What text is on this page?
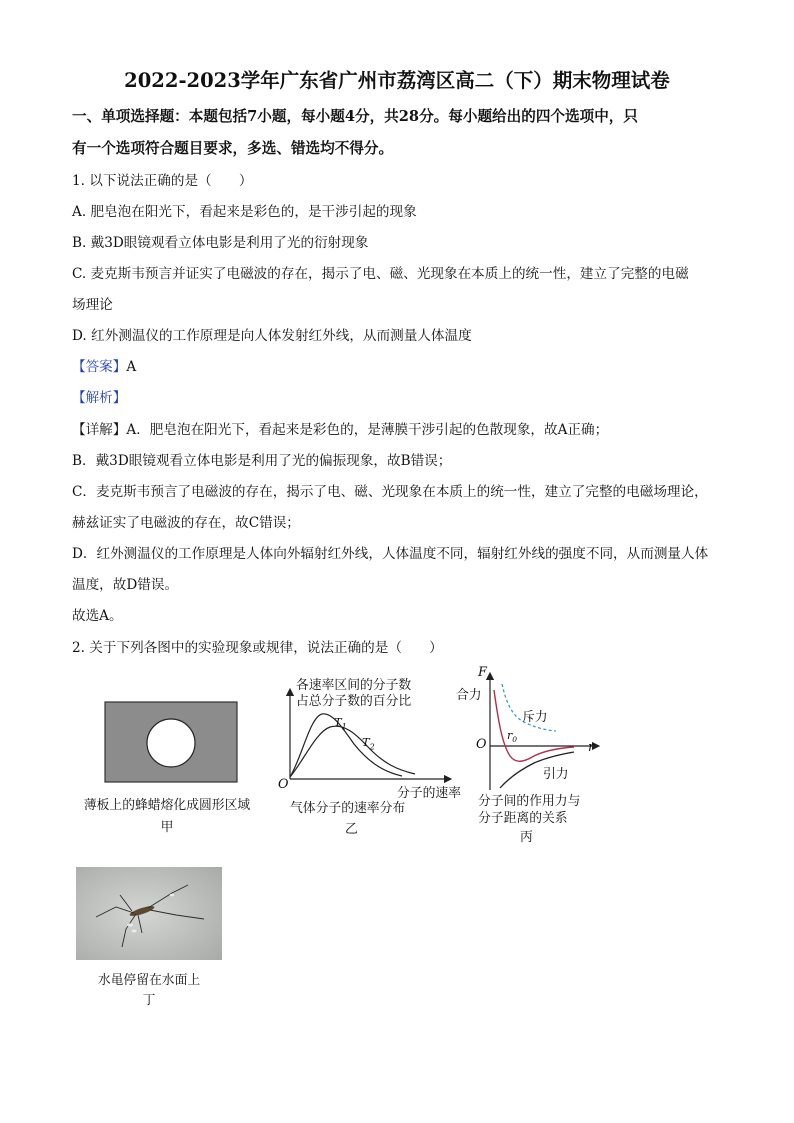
2022-2023学年广东省广州市荔湾区高二（下）期末物理试卷
一、单项选择题：本题包括7小题，每小题4分，共28分。每小题给出的四个选项中，只
有一个选项符合题目要求，多选、错选均不得分。
1. 以下说法正确的是（　　）
A. 肥皂泡在阳光下，看起来是彩色的，是干涉引起的现象
B. 戴3D眼镜观看立体电影是利用了光的衍射现象
C. 麦克斯韦预言并证实了电磁波的存在，揭示了电、磁、光现象在本质上的统一性，建立了完整的电磁
场理论
D. 红外测温仪的工作原理是向人体发射红外线，从而测量人体温度
【答案】A
【解析】
【详解】A．肥皂泡在阳光下，看起来是彩色的，是薄膜干涉引起的色散现象，故A正确；
B．戴3D眼镜观看立体电影是利用了光的偏振现象，故B错误；
C．麦克斯韦预言了电磁波的存在，揭示了电、磁、光现象在本质上的统一性，建立了完整的电磁场理论，
赫兹证实了电磁波的存在，故C错误；
D．红外测温仪的工作原理是人体向外辐射红外线，人体温度不同，辐射红外线的强度不同，从而测量人体
温度，故D错误。
故选A。
2. 关于下列各图中的实验现象或规律，说法正确的是（　　）
薄板上的蜂蜡熔化成圆形区域
甲
各速率区间的分子数
占总分子数的百分比
$T_1$
$T_2$
O
分子的速率
气体分子的速率分布
乙
F
合力
斥力
$r_0$
O	r
引力
分子间的作用力与
分子距离的关系
丙
水黾停留在水面上
丁
